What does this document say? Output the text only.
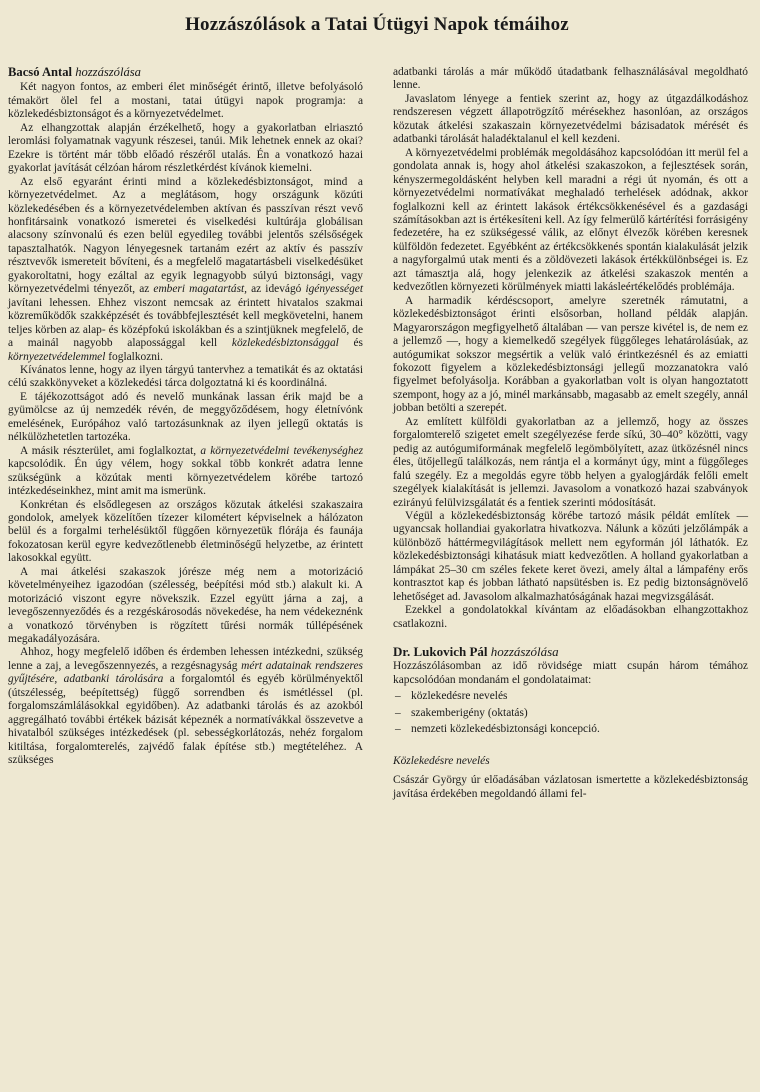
Hozzászólások a Tatai Útügyi Napok témáihoz
Bacsó Antal hozzászólása

Két nagyon fontos, az emberi élet minőségét érintő, illetve befolyásoló témakört ölel fel a mostani, tatai útügyi napok programja: a közlekedésbiztonságot és a környezetvédelmet.

Az elhangzottak alapján érzékelhető, hogy a gyakorlatban elriasztó leromlási folyamatnak vagyunk részesei, tanúi. Mik lehetnek ennek az okai? Ezekre is történt már több előadó részéről utalás. Én a vonatkozó hazai gyakorlat javítását célzóan három részletkérdést kívánok kiemelni.

Az első egyaránt érinti mind a közlekedésbiztonságot, mind a környezetvédelmet. Az a meglátásom, hogy országunk közúti közlekedésében és a környezetvédelemben aktívan és passzívan részt vevő honfitársaink vonatkozó ismeretei és viselkedési kultúrája globálisan alacsony színvonalú és ezen belül egyedileg további jelentős szélsőségek tapasztalhatók. Nagyon lényegesnek tartanám ezért az aktív és passzív résztvevők ismereteit bővíteni, és a megfelelő magatartásbeli viselkedésüket gyakoroltatni, hogy ezáltal az egyik legnagyobb súlyú biztonsági, vagy környezetvédelmi tényezőt, az emberi magatartást, az idevágó igényességet javítani lehessen. Ehhez viszont nemcsak az érintett hivatalos szakmai közreműködők szakképzését és továbbfejlesztését kell megkövetelni, hanem teljes körben az alap- és középfokú iskolákban és a szintjüknek megfelelő, de a mainál nagyobb alapossággal kell közlekedésbiztonsággal és környezetvédelemmel foglalkozni.

Kívánatos lenne, hogy az ilyen tárgyú tantervhez a tematikát és az oktatási célú szakkönyveket a közlekedési tárca dolgoztatná ki és koordinálná.

E tájékozottságot adó és nevelő munkának lassan érik majd be a gyümölcse az új nemzedék révén, de meggyőződésem, hogy életnívónk emelésének, Európához való tartozásunknak az ilyen jellegű oktatás is nélkülözhetetlen tartozéka.

A másik részterület, ami foglalkoztat, a környezetvédelmi tevékenységhez kapcsolódik. Én úgy vélem, hogy sokkal több konkrét adatra lenne szükségünk a közútak menti környezetvédelem körébe tartozó intézkedéseinkhez, mint amit ma ismerünk.

Konkrétan és elsődlegesen az országos közutak átkelési szakaszaira gondolok, amelyek közelítően tízezer kilométert képviselnek a hálózaton belül és a forgalmi terhelésüktől függően környezetük flórája és faunája fokozatosan kerül egyre kedvezőtlenebb életminőségű helyzetbe, az érintett lakosokkal együtt.

A mai átkelési szakaszok jórésze még nem a motorizáció követelményeihez igazodóan (szélesség, beépítési mód stb.) alakult ki. A motorizáció viszont egyre növekszik. Ezzel együtt járna a zaj, a levegőszennyeződés és a rezgéskárosodás növekedése, ha nem védekeznénk a vonatkozó törvényben is rögzített tűrési normák túllépésének megakadályozására.

Ahhoz, hogy megfelelő időben és érdemben lehessen intézkedni, szükség lenne a zaj, a levegőszennyezés, a rezgésnagyság mért adatainak rendszeres gyűjtésére, adatbanki tárolására a forgalomtól és egyéb körülményektől (útszélesség, beépítettség) függő sorrendben és ismétléssel (pl. forgalomszámlálásokkal egyidőben). Az adatbanki tárolás és az azokból aggregálható további értékek bázisát képeznék a normatívákkal összevetve a hivatalból szükséges intézkedések (pl. sebességkorlátozás, nehéz forgalom kitiltása, forgalomterelés, zajvédő falak építése stb.) megtételéhez. A szükséges

adatbanki tárolás a már működő útadatbank felhasználásával megoldható lenne.

Javaslatom lényege a fentiek szerint az, hogy az útgazdálkodáshoz rendszeresen végzett állapotrögzítő mérésekhez hasonlóan, az országos közutak átkelési szakaszain környezetvédelmi bázisadatok mérését és adatbanki tárolását haladéktalanul el kell kezdeni.

A környezetvédelmi problémák megoldásához kapcsolódóan itt merül fel a gondolata annak is, hogy ahol átkelési szakaszokon, a fejlesztések során, kényszermegoldásként helyben kell maradni a régi út nyomán, és ott a környezetvédelmi normatívákat meghaladó terhelések adódnak, akkor foglalkozni kell az érintett lakások értékcsökkenésével és a gazdasági számításokban azt is értékesíteni kell. Az így felmerülő kártérítési forrásigény fedezetére, ha ez szükségessé válik, az előnyt élvezők körében keresnek külföldön fedezetet. Egyébként az értékcsökkenés spontán kialakulását jelzik a nagyforgalmú utak menti és a zöldövezeti lakások értékkülönbségei is. Ez azt támasztja alá, hogy jelenkezik az átkelési szakaszok mentén a kedvezőtlen környezeti körülmények miatti lakásleértékelődés problémája.

A harmadik kérdéscsoport, amelyre szeretnék rámutatni, a közlekedésbiztonságot érinti elsősorban, holland példák alapján. Magyarországon megfigyelhető általában — van persze kivétel is, de nem ez a jellemző —, hogy a kiemelkedő szegélyek függőleges lehatárolásúak, az autógumikat sokszor megsértik a velük való érintkezésnél és az emiatti fokozott figyelem a közlekedésbiztonsági jellegű mozzanatokra való figyelmet befolyásolja. Korábban a gyakorlatban volt is olyan hangoztatott szempont, hogy az a jó, minél markánsabb, magasabb az emelt szegély, annál jobban betölti a szerepét.

Az említett külföldi gyakorlatban az a jellemző, hogy az összes forgalomterelő szigetet emelt szegélyezése ferde síkú, 30–40° közötti, vagy pedig az autógumiformának megfelelő legömbölyített, azaz ütközésnél nincs éles, ütőjellegű találkozás, nem rántja el a kormányt úgy, mint a függőleges falú szegély. Ez a megoldás egyre több helyen a gyalogjárdák felőli emelt szegélyek kialakítását is jellemzi. Javasolom a vonatkozó hazai szabványok ezirányú felülvizsgálatát és a fentiek szerinti módosítását.

Végül a közlekedésbiztonság körébe tartozó másik példát említek — ugyancsak hollandiai gyakorlatra hivatkozva. Nálunk a közúti jelzőlámpák a különböző háttérmegvilágítások mellett nem egyformán jól láthatók. Ez közlekedésbiztonsági kihatásuk miatt kedvezőtlen. A holland gyakorlatban a lámpákat 25–30 cm széles fekete keret övezi, amely által a lámpafény erős kontrasztot kap és jobban látható napsütésben is. Ez pedig biztonságnövelő lehetőséget ad. Javasolom alkalmazhatóságának hazai megvizsgálását.

Ezekkel a gondolatokkal kívántam az előadásokban elhangzottakhoz csatlakozni.

Dr. Lukovich Pál hozzászólása

Hozzászólásomban az idő rövidsége miatt csupán három témához kapcsolódóan mondanám el gondolataimat:

– közlekedésre nevelés
– szakemberigény (oktatás)
– nemzeti közlekedésbiztonsági koncepció.
Közlekedésre nevelés

Császár György úr előadásában vázlatosan ismertette a közlekedésbiztonság javítása érdekében megoldandó állami fel-
